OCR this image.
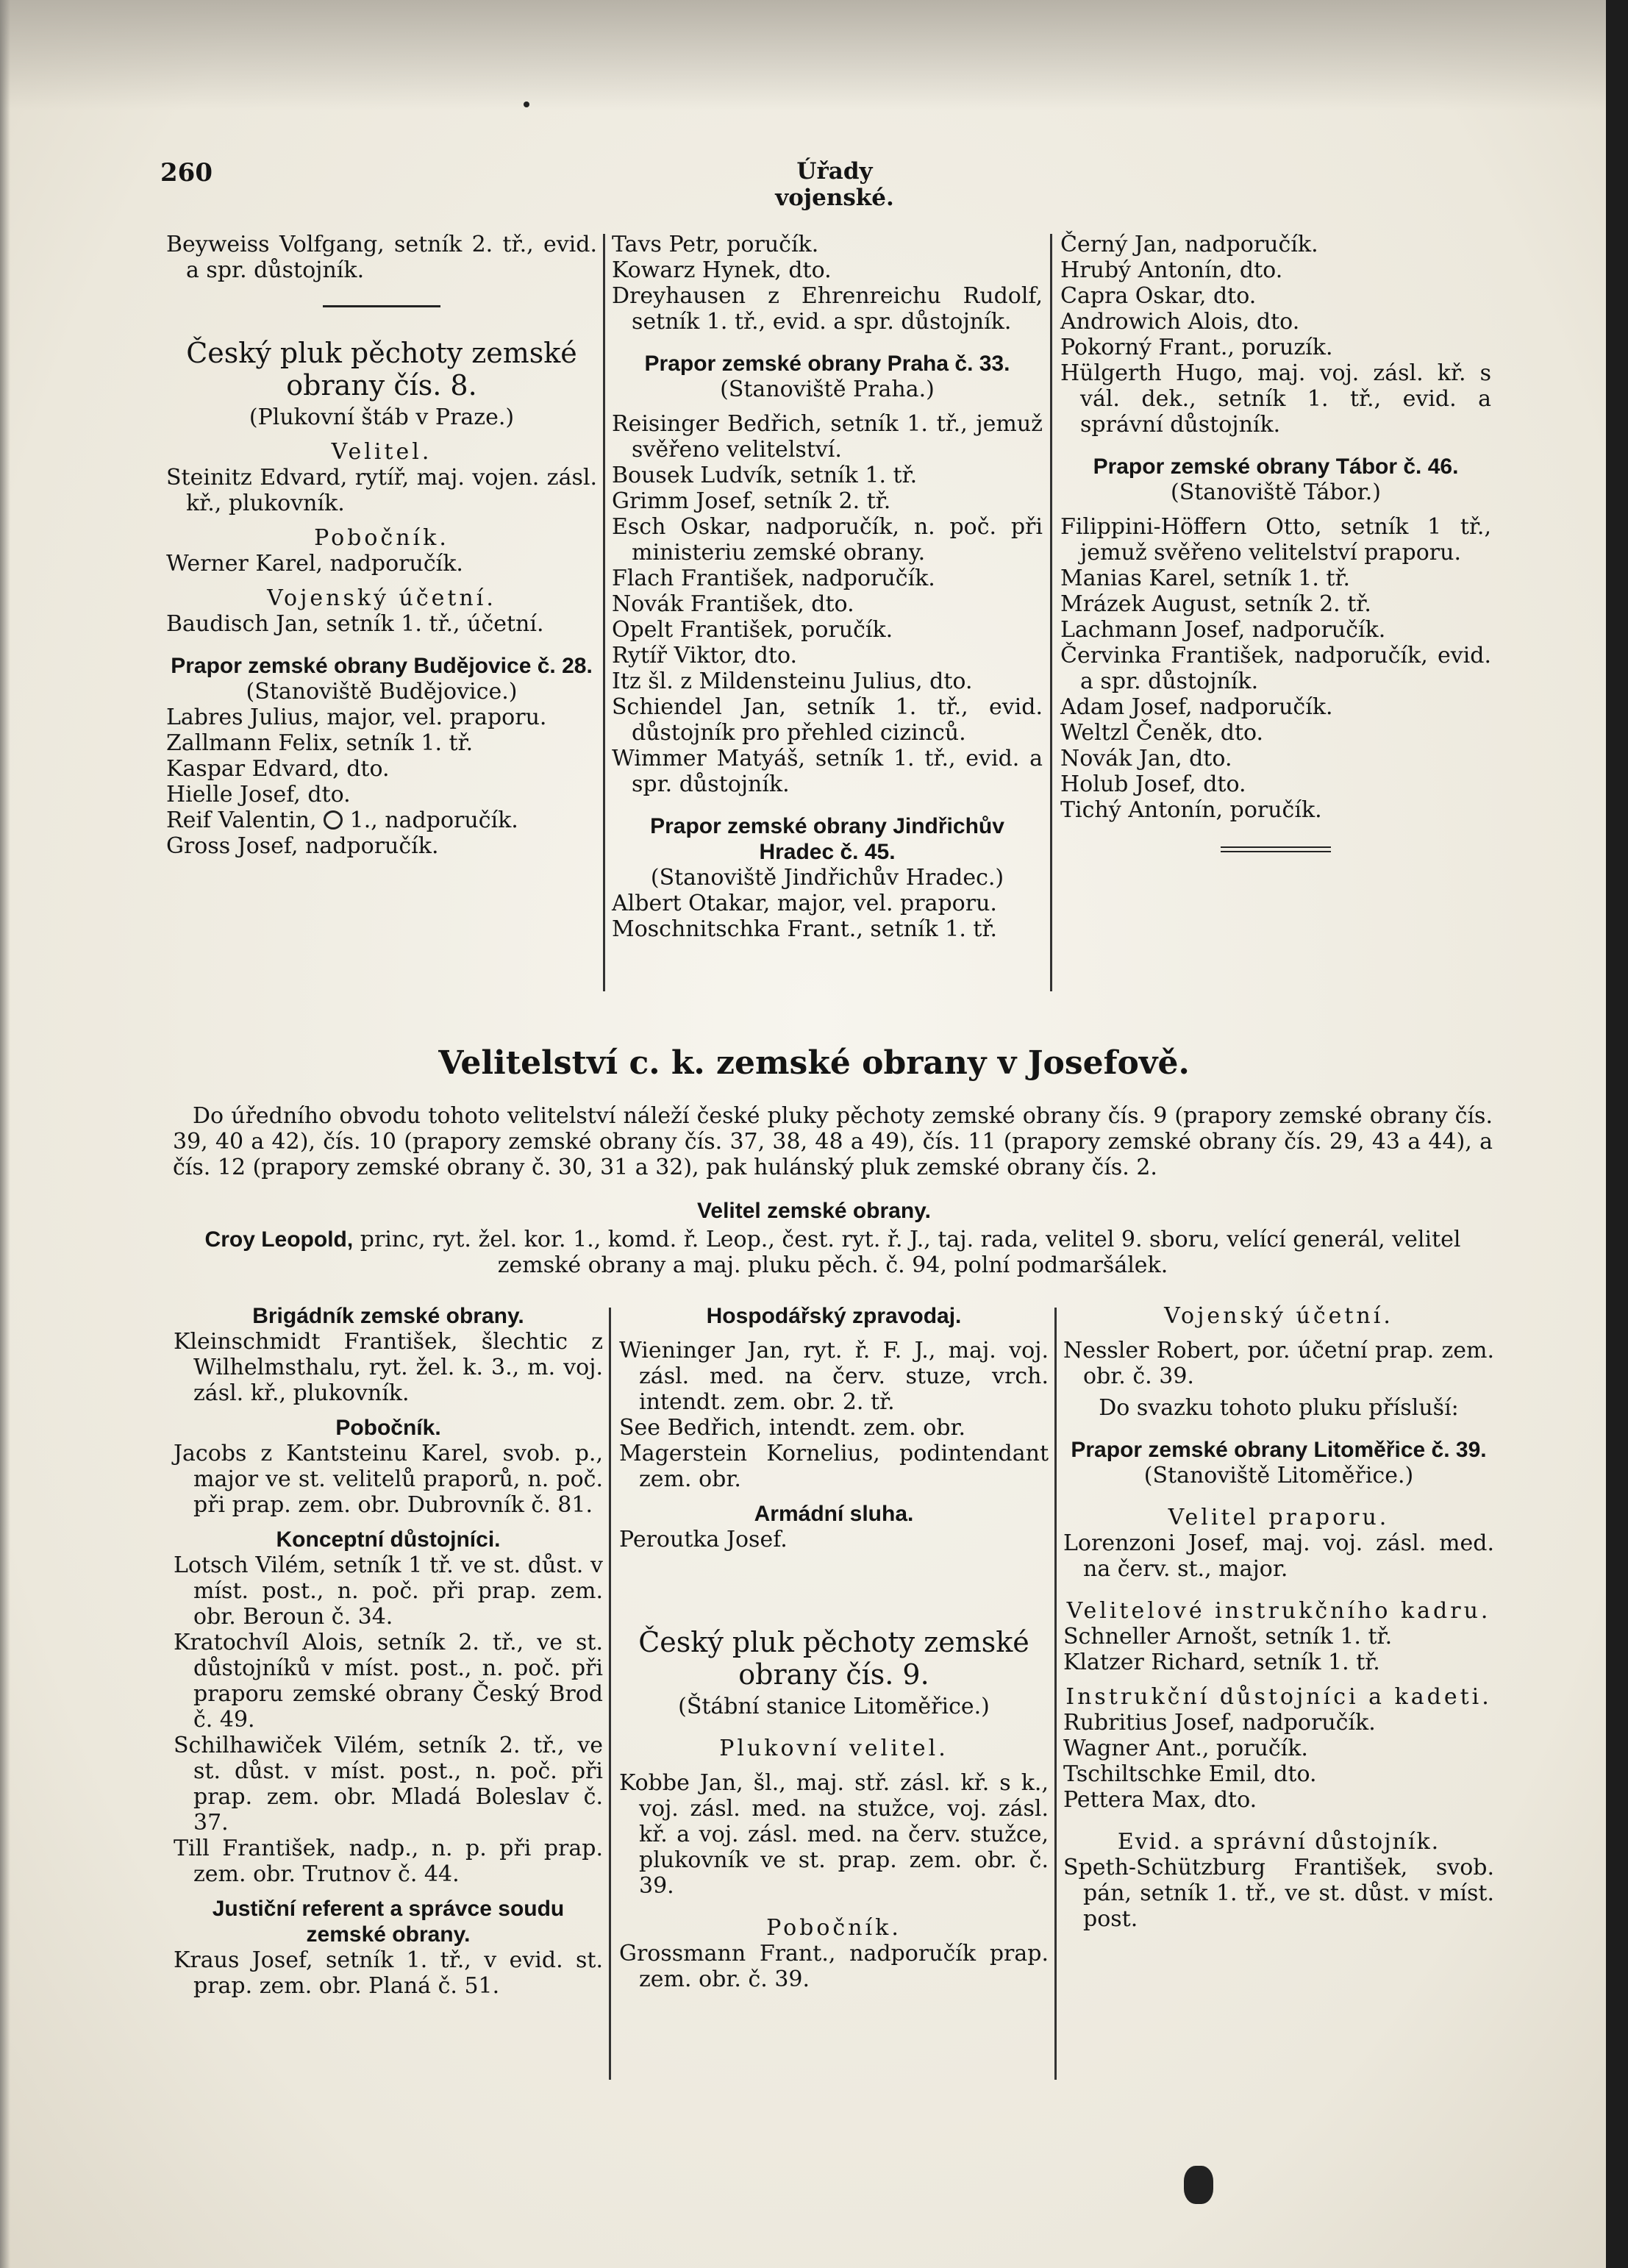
260	Úřady vojenské.

Beyweiss Volfgang, setník 2. tř., evid. a spr. důstojník.

Český pluk pěchoty zemské obrany čís. 8.

(Plukovní štáb v Praze.)

Velitel.

Steinitz Edvard, rytíř, maj. vojen. zásl. kř., plukovník.

Pobočník.

Werner Karel, nadporučík.

Vojenský účetní.

Baudisch Jan, setník 1. tř., účetní.

Prapor zemské obrany Budějovice č. 28.

(Stanoviště Budějovice.)

Labres Julius, major, vel. praporu.

Zallmann Felix, setník 1. tř.

Kaspar Edvard, dto.

Hielle Josef, dto.

Reif Valentin, 1., nadporučík.

Gross Josef, nadporučík.

Tavs Petr, poručík.

Kowarz Hynek, dto.

Dreyhausen z Ehrenreichu Rudolf, setník 1. tř., evid. a spr. důstojník.

Prapor zemské obrany Praha č. 33.

(Stanoviště Praha.)

Reisinger Bedřich, setník 1. tř., jemuž svěřeno velitelství.

Bousek Ludvík, setník 1. tř.

Grimm Josef, setník 2. tř.

Esch Oskar, nadporučík, n. poč. při ministeriu zemské obrany.

Flach František, nadporučík.

Novák František, dto.

Opelt František, poručík.

Rytíř Viktor, dto.

Itz šl. z Mildensteinu Julius, dto.

Schiendel Jan, setník 1. tř., evid. důstojník pro přehled cizinců.

Wimmer Matyáš, setník 1. tř., evid. a spr. důstojník.

Prapor zemské obrany Jindřichův Hradec č. 45.

(Stanoviště Jindřichův Hradec.)

Albert Otakar, major, vel. praporu.

Moschnitschka Frant., setník 1. tř.

Černý Jan, nadporučík.

Hrubý Antonín, dto.

Capra Oskar, dto.

Androwich Alois, dto.

Pokorný Frant., poruzík.

Hülgerth Hugo, maj. voj. zásl. kř. s vál. dek., setník 1. tř., evid. a správní důstojník.

Prapor zemské obrany Tábor č. 46.

(Stanoviště Tábor.)

Filippini-Höffern Otto, setník 1 tř., jemuž svěřeno velitelství praporu.

Manias Karel, setník 1. tř.

Mrázek August, setník 2. tř.

Lachmann Josef, nadporučík.

Červinka František, nadporučík, evid. a spr. důstojník.

Adam Josef, nadporučík.

Weltzl Čeněk, dto.

Novák Jan, dto.

Holub Josef, dto.

Tichý Antonín, poručík.

Velitelství c. k. zemské obrany v Josefově.

Do úředního obvodu tohoto velitelství náleží české pluky pěchoty zemské obrany čís. 9 (prapory zemské obrany čís. 39, 40 a 42), čís. 10 (prapory zemské obrany čís. 37, 38, 48 a 49), čís. 11 (prapory zemské obrany čís. 29, 43 a 44), a čís. 12 (prapory zemské obrany č. 30, 31 a 32), pak hulánský pluk zemské obrany čís. 2.

Velitel zemské obrany.

Croy Leopold, princ, ryt. žel. kor. 1., komd. ř. Leop., čest. ryt. ř. J., taj. rada, velitel 9. sboru, velící generál, velitel zemské obrany a maj. pluku pěch. č. 94, polní podmaršálek.

Brigádník zemské obrany.

Kleinschmidt František, šlechtic z Wilhelmsthalu, ryt. žel. k. 3., m. voj. zásl. kř., plukovník.

Pobočník.

Jacobs z Kantsteinu Karel, svob. p., major ve st. velitelů praporů, n. poč. při prap. zem. obr. Dubrovník č. 81.

Konceptní důstojníci.

Lotsch Vilém, setník 1 tř. ve st. důst. v míst. post., n. poč. při prap. zem. obr. Beroun č. 34.

Kratochvíl Alois, setník 2. tř., ve st. důstojníků v míst. post., n. poč. při praporu zemské obrany Český Brod č. 49.

Schilhawiček Vilém, setník 2. tř., ve st. důst. v míst. post., n. poč. při prap. zem. obr. Mladá Boleslav č. 37.

Till František, nadp., n. p. při prap. zem. obr. Trutnov č. 44.

Justiční referent a správce soudu zemské obrany.

Kraus Josef, setník 1. tř., v evid. st. prap. zem. obr. Planá č. 51.

Hospodářský zpravodaj.

Wieninger Jan, ryt. ř. F. J., maj. voj. zásl. med. na červ. stuze, vrch. intendt. zem. obr. 2. tř.

See Bedřich, intendt. zem. obr.

Magerstein Kornelius, podintendant zem. obr.

Armádní sluha.

Peroutka Josef.

Český pluk pěchoty zemské obrany čís. 9.

(Štábní stanice Litoměřice.)

Plukovní velitel.

Kobbe Jan, šl., maj. stř. zásl. kř. s k., voj. zásl. med. na stužce, voj. zásl. kř. a voj. zásl. med. na červ. stužce, plukovník ve st. prap. zem. obr. č. 39.

Pobočník.

Grossmann Frant., nadporučík prap. zem. obr. č. 39.

Vojenský účetní.

Nessler Robert, por. účetní prap. zem. obr. č. 39.

Do svazku tohoto pluku přísluší:

Prapor zemské obrany Litoměřice č. 39.

(Stanoviště Litoměřice.)

Velitel praporu.

Lorenzoni Josef, maj. voj. zásl. med. na červ. st., major.

Velitelové instrukčního kadru.

Schneller Arnošt, setník 1. tř.

Klatzer Richard, setník 1. tř.

Instrukční důstojníci a kadeti.

Rubritius Josef, nadporučík.

Wagner Ant., poručík.

Tschiltschke Emil, dto.

Pettera Max, dto.

Evid. a správní důstojník.

Speth-Schützburg František, svob. pán, setník 1. tř., ve st. důst. v míst. post.
